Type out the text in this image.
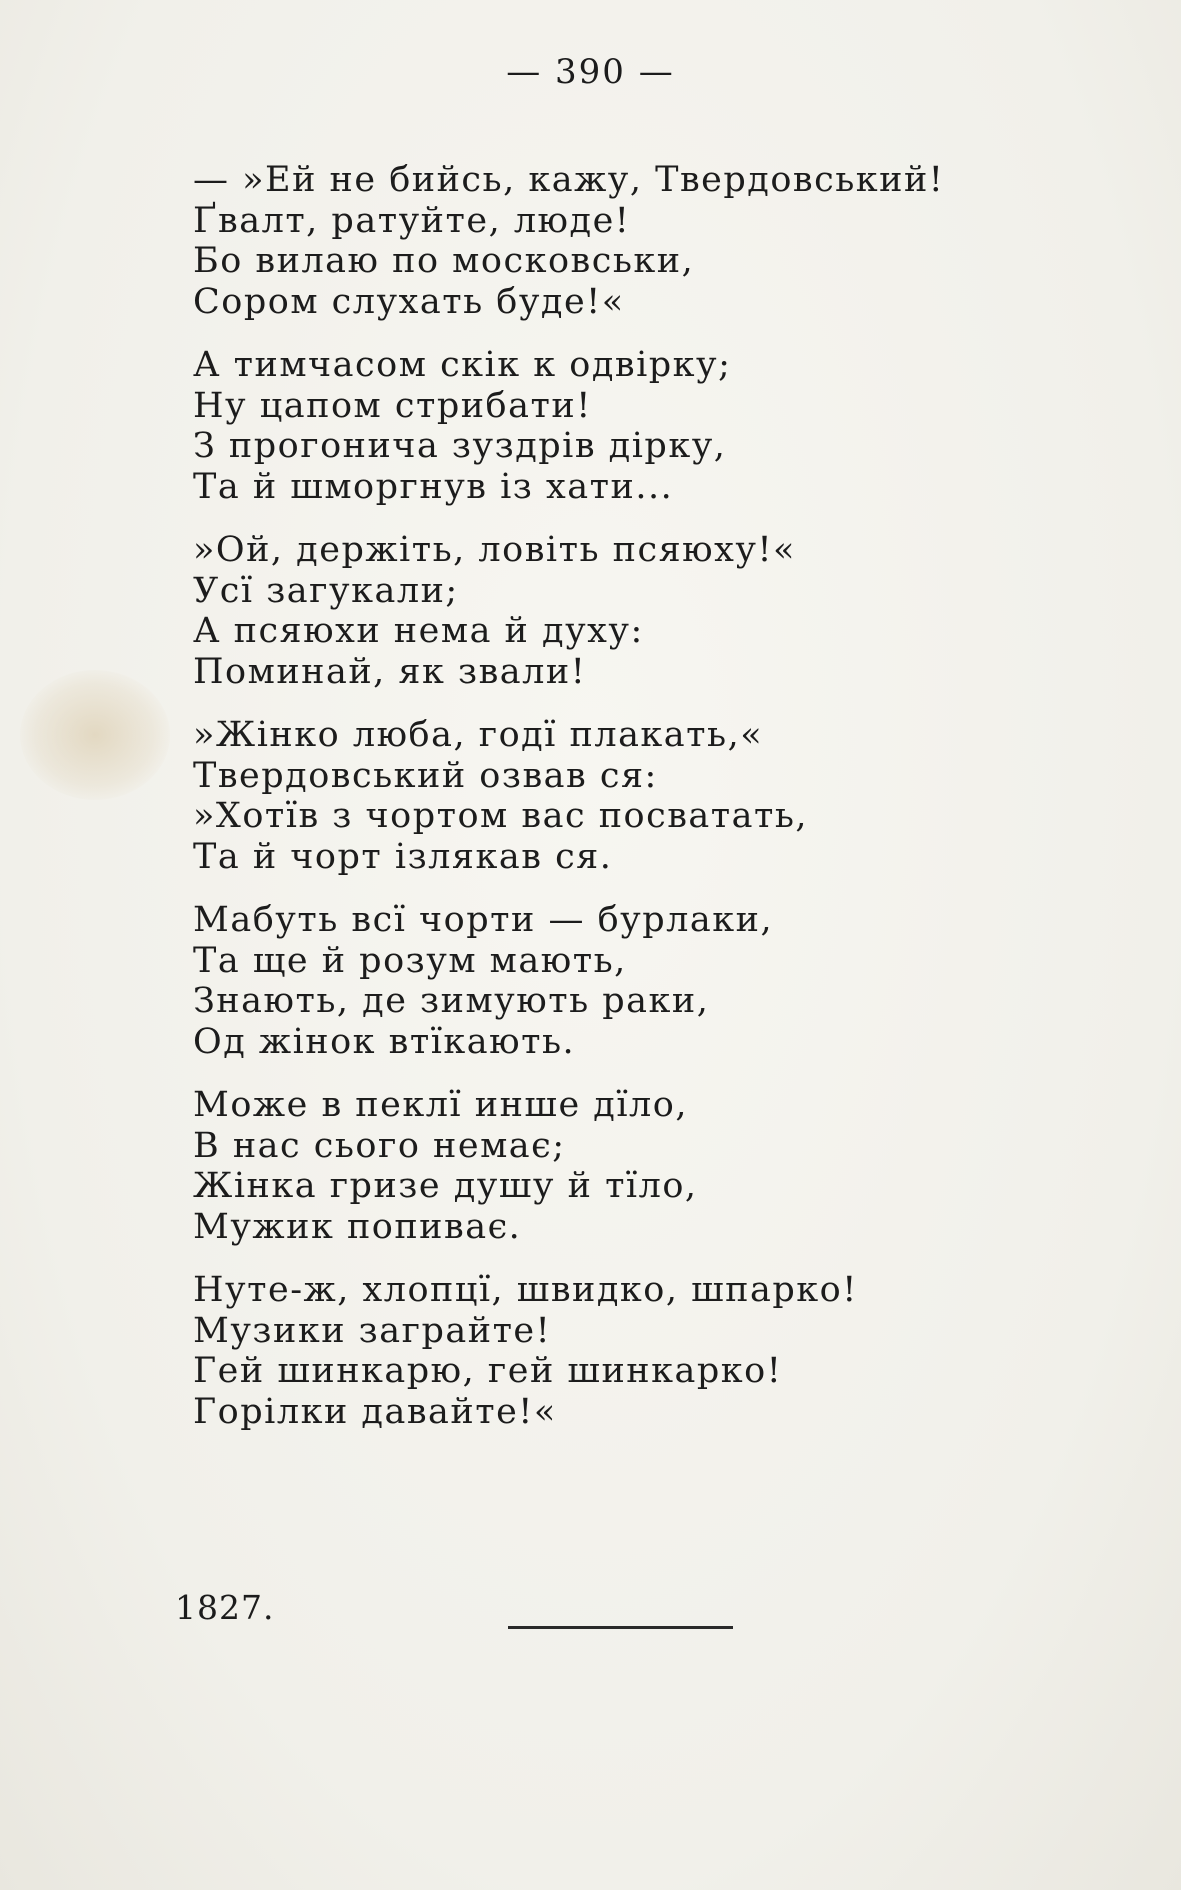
— 390 —
— »Ей не бийсь, кажу, Твердовський!
Ґвалт, ратуйте, люде!
Бо вилаю по московськи,
Сором слухать буде!«
А тимчасом скік к одвірку;
Ну цапом стрибати!
З прогонича зуздрів дірку,
Та й шморгнув із хати...
»Ой, держіть, ловіть псяюху!«
Усї загукали;
А псяюхи нема й духу:
Поминай, як звали!
»Жінко люба, годї плакать,«
Твердовський озвав ся:
»Хотїв з чортом вас посватать,
Та й чорт ізлякав ся.
Мабуть всї чорти — бурлаки,
Та ще й розум мають,
Знають, де зимують раки,
Од жінок втїкають.
Може в пеклї инше дїло,
В нас сього немає;
Жінка гризе душу й тїло,
Мужик попиває.
Нуте-ж, хлопцї, швидко, шпарко!
Музики заграйте!
Гей шинкарю, гей шинкарко!
Горілки давайте!«
1827.
